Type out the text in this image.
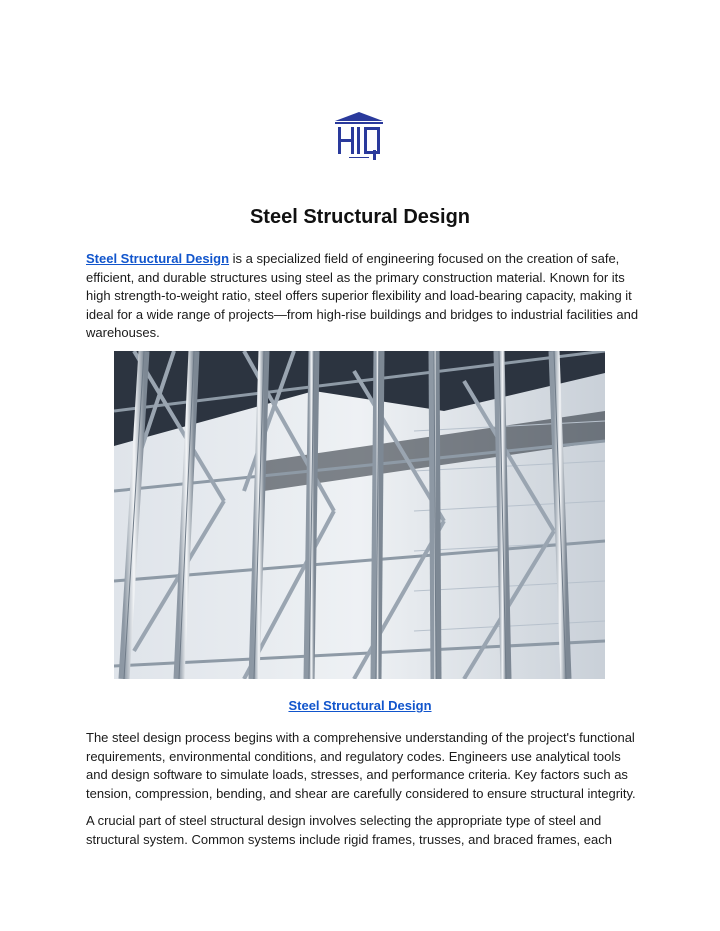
Steel Structural Design

Steel Structural Design is a specialized field of engineering focused on the creation of safe, efficient, and durable structures using steel as the primary construction material. Known for its high strength-to-weight ratio, steel offers superior flexibility and load-bearing capacity, making it ideal for a wide range of projects—from high-rise buildings and bridges to industrial facilities and warehouses.

Steel Structural Design

The steel design process begins with a comprehensive understanding of the project's functional requirements, environmental conditions, and regulatory codes. Engineers use analytical tools and design software to simulate loads, stresses, and performance criteria. Key factors such as tension, compression, bending, and shear are carefully considered to ensure structural integrity.

A crucial part of steel structural design involves selecting the appropriate type of steel and structural system. Common systems include rigid frames, trusses, and braced frames, each
